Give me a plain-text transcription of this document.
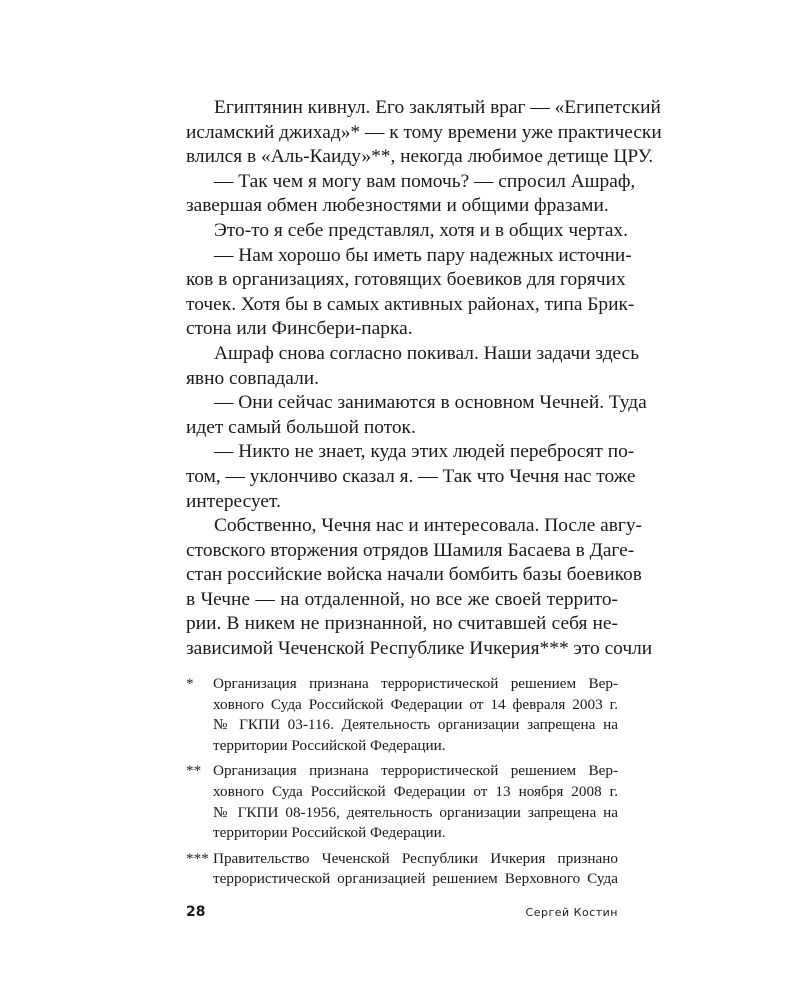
Египтянин кивнул. Его заклятый враг — «Египетский
исламский джихад»* — к тому времени уже практически
влился в «Аль-Каиду»**, некогда любимое детище ЦРУ.
— Так чем я могу вам помочь? — спросил Ашраф,
завершая обмен любезностями и общими фразами.
Это-то я себе представлял, хотя и в общих чертах.
— Нам хорошо бы иметь пару надежных источни-
ков в организациях, готовящих боевиков для горячих
точек. Хотя бы в самых активных районах, типа Брик-
стона или Финсбери-парка.
Ашраф снова согласно покивал. Наши задачи здесь
явно совпадали.
— Они сейчас занимаются в основном Чечней. Туда
идет самый большой поток.
— Никто не знает, куда этих людей перебросят по-
том, — уклончиво сказал я. — Так что Чечня нас тоже
интересует.
Собственно, Чечня нас и интересовала. После авгу-
стовского вторжения отрядов Шамиля Басаева в Даге-
стан российские войска начали бомбить базы боевиков
в Чечне — на отдаленной, но все же своей террито-
рии. В никем не признанной, но считавшей себя не-
зависимой Чеченской Республике Ичкерия*** это сочли
* Организация признана террористической решением Вер-
ховного Суда Российской Федерации от 14 февраля 2003 г.
№ ГКПИ 03-116. Деятельность организации запрещена на
территории Российской Федерации.
** Организация признана террористической решением Вер-
ховного Суда Российской Федерации от 13 ноября 2008 г.
№ ГКПИ 08-1956, деятельность организации запрещена на
территории Российской Федерации.
*** Правительство Чеченской Республики Ичкерия признано
террористической организацией решением Верховного Суда
28	Сергей Костин
